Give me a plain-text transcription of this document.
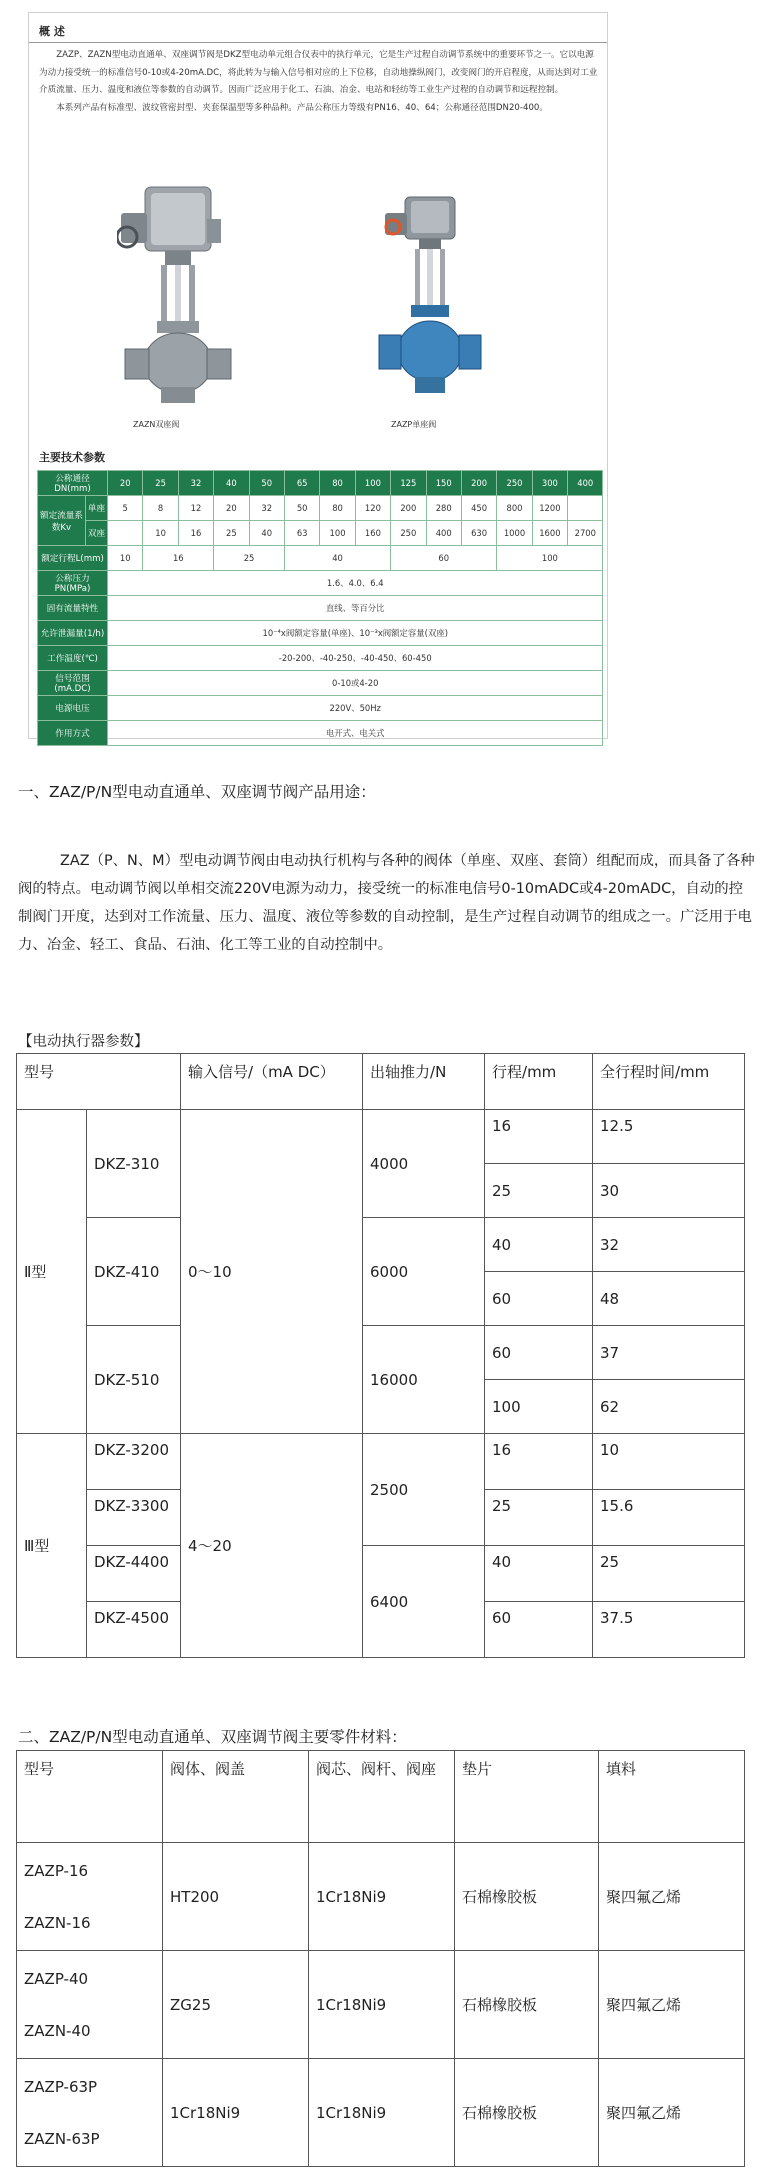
概 述
　　ZAZP、ZAZN型电动直通单、双座调节阀是DKZ型电动单元组合仪表中的执行单元，它是生产过程自动调节系统中的重要环节之一。它以电源为动力接受统一的标准信号0-10或4-20mA.DC，将此转为与输入信号相对应的上下位移，自动地操纵阀门，改变阀门的开启程度，从而达到对工业介质流量、压力、温度和液位等参数的自动调节。因而广泛应用于化工、石油、冶金、电站和轻纺等工业生产过程的自动调节和远程控制。
　　本系列产品有标准型、波纹管密封型、夹套保温型等多种品种。产品公称压力等级有PN16、40、64；公称通径范围DN20-400。
ZAZN双座阀	ZAZP单座阀
主要技术参数
公称通径DN(mm)		20	25	32	40	50	65	80	100	125	150	200	250	300	400
额定流量系数Kv	单座	5	8	12	20	32	50	80	120	200	280	450	800	1200	
	双座		10	16	25	40	63	100	160	250	400	630	1000	1600	2700
额定行程L(mm)		10	16		25		40			60			100		
公称压力PN(MPa)		1.6、4.0、6.4													
固有流量特性		直线、等百分比													
允许泄漏量(1/h)		10⁻⁴x阀额定容量(单座)、10⁻³x阀额定容量(双座)													
工作温度(℃)		-20-200、-40-250、-40-450、60-450													
信号范围(mA.DC)		0-10或4-20													
电源电压		220V、50Hz													
作用方式		电开式、电关式													
一、ZAZ/P/N型电动直通单、双座调节阀产品用途：
ZAZ（P、N、M）型电动调节阀由电动执行机构与各种的阀体（单座、双座、套筒）组配而成，而具备了各种阀的特点。电动调节阀以单相交流220V电源为动力，接受统一的标准电信号0-10mADC或4-20mADC，自动的控制阀门开度，达到对工作流量、压力、温度、液位等参数的自动控制，是生产过程自动调节的组成之一。广泛用于电力、冶金、轻工、食品、石油、化工等工业的自动控制中。
【电动执行器参数】
型号		输入信号/（mA DC）	出轴推力/N	行程/mm	全行程时间/mm
Ⅱ型	DKZ-310	0～10	4000	16	12.5
				25	30
	DKZ-410		6000	40	32
				60	48
	DKZ-510		16000	60	37
				100	62
Ⅲ型	DKZ-3200	4～20	2500	16	10
	DKZ-3300			25	15.6
	DKZ-4400		6400	40	25
	DKZ-4500			60	37.5
二、ZAZ/P/N型电动直通单、双座调节阀主要零件材料：
型号	阀体、阀盖	阀芯、阀杆、阀座	垫片	填料

ZAZP-16
ZAZN-16	HT200	1Cr18Ni9	石棉橡胶板	聚四氟乙烯

ZAZP-40
ZAZN-40	ZG25	1Cr18Ni9	石棉橡胶板	聚四氟乙烯

ZAZP-63P
ZAZN-63P	1Cr18Ni9	1Cr18Ni9	石棉橡胶板	聚四氟乙烯
